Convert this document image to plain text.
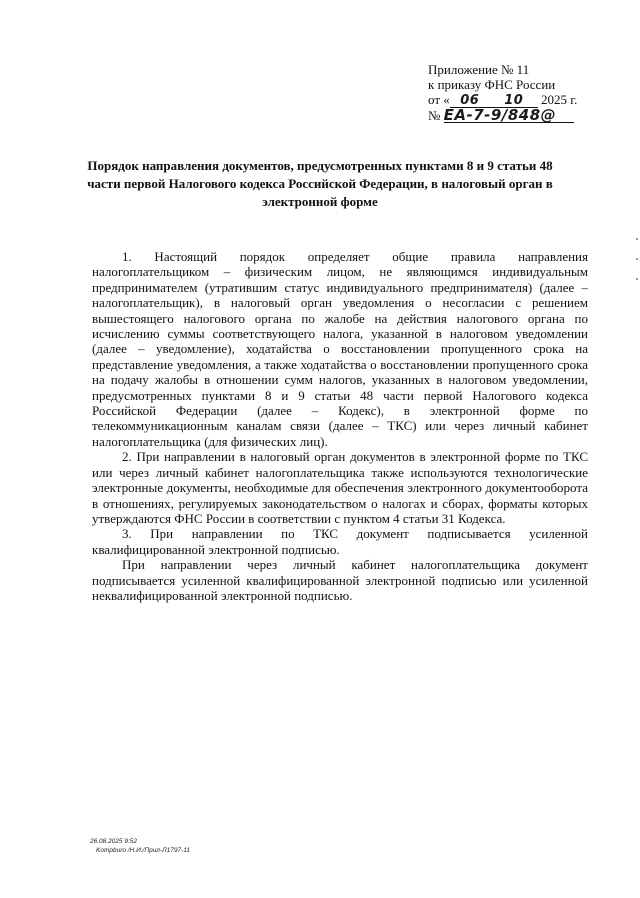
Приложение № 11
к приказу ФНС России
от « 06 10 2025 г.
№ ЕА-7-9/848@
Порядок направления документов, предусмотренных пунктами 8 и 9 статьи 48 части первой Налогового кодекса Российской Федерации, в налоговый орган в электронной форме

1. Настоящий порядок определяет общие правила направления налогоплательщиком – физическим лицом, не являющимся индивидуальным предпринимателем (утратившим статус индивидуального предпринимателя) (далее – налогоплательщик), в налоговый орган уведомления о несогласии с решением вышестоящего налогового органа по жалобе на действия налогового органа по исчислению суммы соответствующего налога, указанной в налоговом уведомлении (далее – уведомление), ходатайства о восстановлении пропущенного срока на представление уведомления, а также ходатайства о восстановлении пропущенного срока на подачу жалобы в отношении сумм налогов, указанных в налоговом уведомлении, предусмотренных пунктами 8 и 9 статьи 48 части первой Налогового кодекса Российской Федерации (далее – Кодекс), в электронной форме по телекоммуникационным каналам связи (далее – ТКС) или через личный кабинет налогоплательщика (для физических лиц).

2. При направлении в налоговый орган документов в электронной форме по ТКС или через личный кабинет налогоплательщика также используются технологические электронные документы, необходимые для обеспечения электронного документооборота в отношениях, регулируемых законодательством о налогах и сборах, форматы которых утверждаются ФНС России в соответствии с пунктом 4 статьи 31 Кодекса.

3. При направлении по ТКС документ подписывается усиленной квалифицированной электронной подписью.

При направлении через личный кабинет налогоплательщика документ подписывается усиленной квалифицированной электронной подписью или усиленной неквалифицированной электронной подписью.

26.08.2025 9:52
Kompburo /Н.И./Прил-Л1797-11
